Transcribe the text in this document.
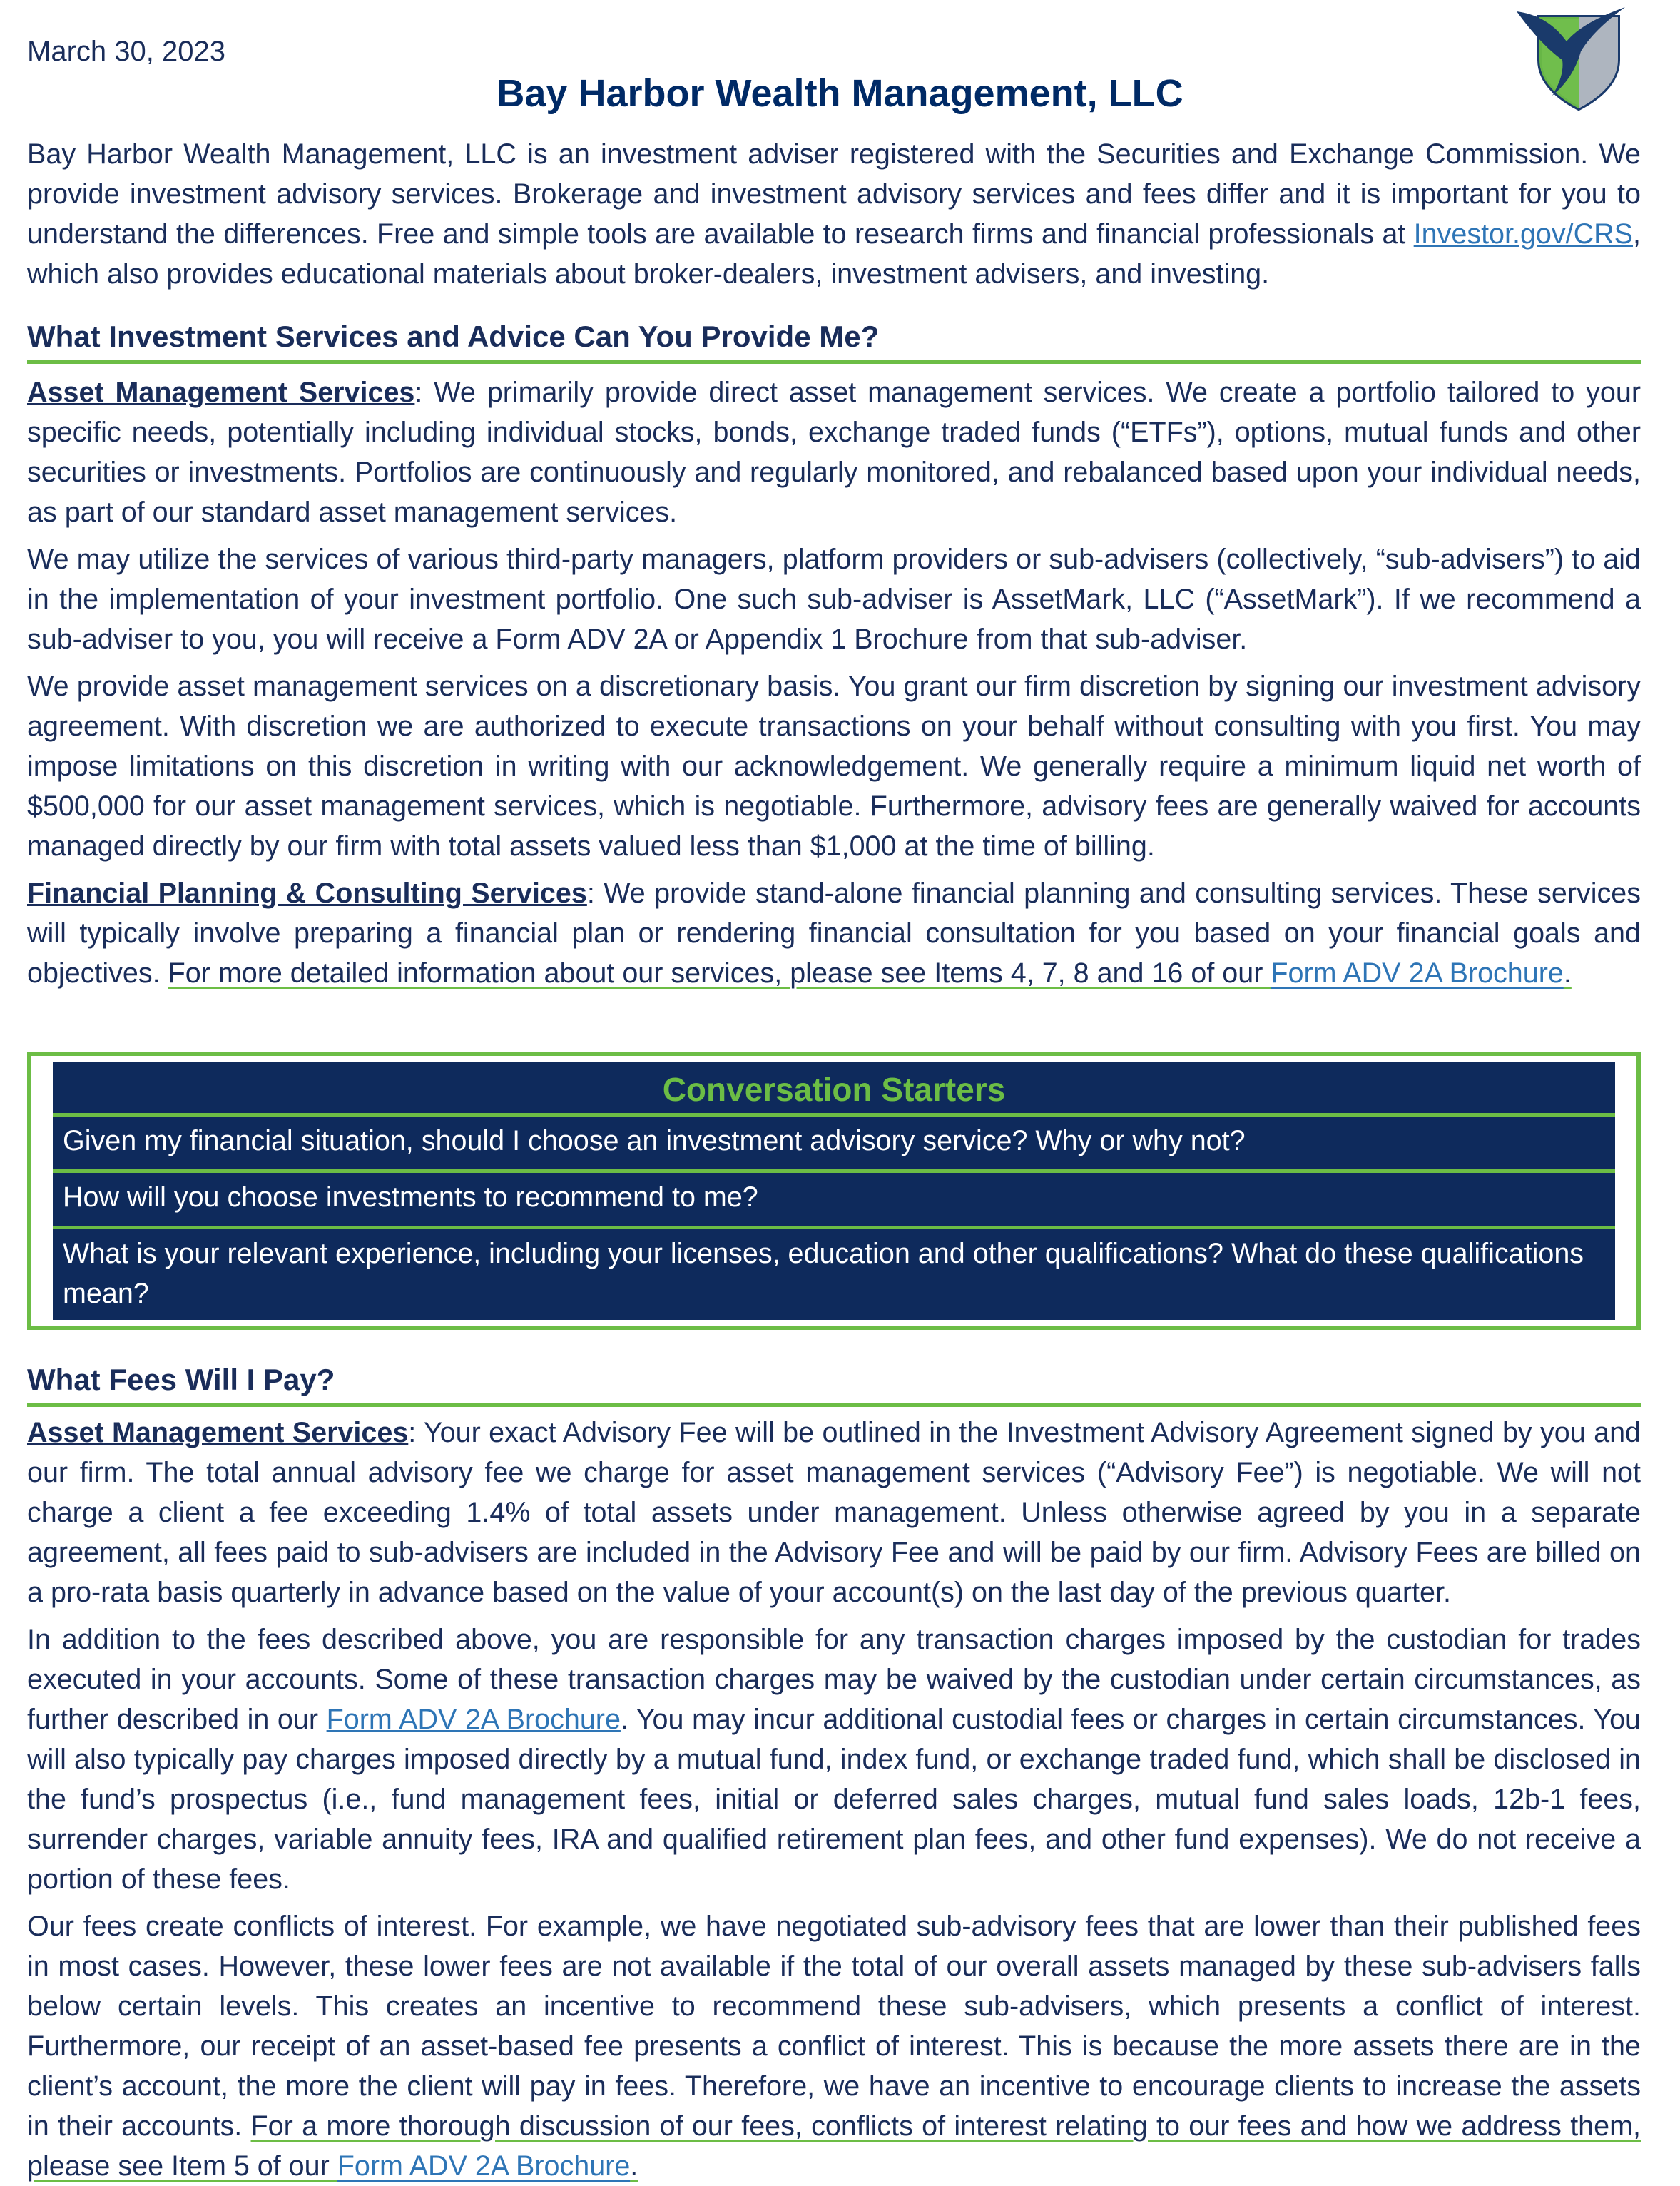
March 30, 2023
Bay Harbor Wealth Management, LLC

Bay Harbor Wealth Management, LLC is an investment adviser registered with the Securities and Exchange Commission. We provide investment advisory services. Brokerage and investment advisory services and fees differ and it is important for you to understand the differences. Free and simple tools are available to research firms and financial professionals at Investor.gov/CRS, which also provides educational materials about broker-dealers, investment advisers, and investing.

What Investment Services and Advice Can You Provide Me?

Asset Management Services: We primarily provide direct asset management services. We create a portfolio tailored to your specific needs, potentially including individual stocks, bonds, exchange traded funds (“ETFs”), options, mutual funds and other securities or investments. Portfolios are continuously and regularly monitored, and rebalanced based upon your individual needs, as part of our standard asset management services.

We may utilize the services of various third-party managers, platform providers or sub-advisers (collectively, “sub-advisers”) to aid in the implementation of your investment portfolio. One such sub-adviser is AssetMark, LLC (“AssetMark”). If we recommend a sub-adviser to you, you will receive a Form ADV 2A or Appendix 1 Brochure from that sub-adviser.

We provide asset management services on a discretionary basis. You grant our firm discretion by signing our investment advisory agreement. With discretion we are authorized to execute transactions on your behalf without consulting with you first. You may impose limitations on this discretion in writing with our acknowledgement. We generally require a minimum liquid net worth of $500,000 for our asset management services, which is negotiable. Furthermore, advisory fees are generally waived for accounts managed directly by our firm with total assets valued less than $1,000 at the time of billing.

Financial Planning & Consulting Services: We provide stand-alone financial planning and consulting services. These services will typically involve preparing a financial plan or rendering financial consultation for you based on your financial goals and objectives. For more detailed information about our services, please see Items 4, 7, 8 and 16 of our Form ADV 2A Brochure.

Conversation Starters
Given my financial situation, should I choose an investment advisory service? Why or why not?
How will you choose investments to recommend to me?
What is your relevant experience, including your licenses, education and other qualifications? What do these qualifications mean?
What Fees Will I Pay?

Asset Management Services: Your exact Advisory Fee will be outlined in the Investment Advisory Agreement signed by you and our firm. The total annual advisory fee we charge for asset management services (“Advisory Fee”) is negotiable. We will not charge a client a fee exceeding 1.4% of total assets under management. Unless otherwise agreed by you in a separate agreement, all fees paid to sub-advisers are included in the Advisory Fee and will be paid by our firm. Advisory Fees are billed on a pro-rata basis quarterly in advance based on the value of your account(s) on the last day of the previous quarter.

In addition to the fees described above, you are responsible for any transaction charges imposed by the custodian for trades executed in your accounts. Some of these transaction charges may be waived by the custodian under certain circumstances, as further described in our Form ADV 2A Brochure. You may incur additional custodial fees or charges in certain circumstances. You will also typically pay charges imposed directly by a mutual fund, index fund, or exchange traded fund, which shall be disclosed in the fund’s prospectus (i.e., fund management fees, initial or deferred sales charges, mutual fund sales loads, 12b-1 fees, surrender charges, variable annuity fees, IRA and qualified retirement plan fees, and other fund expenses). We do not receive a portion of these fees.

Our fees create conflicts of interest. For example, we have negotiated sub-advisory fees that are lower than their published fees in most cases. However, these lower fees are not available if the total of our overall assets managed by these sub-advisers falls below certain levels. This creates an incentive to recommend these sub-advisers, which presents a conflict of interest. Furthermore, our receipt of an asset-based fee presents a conflict of interest. This is because the more assets there are in the client’s account, the more the client will pay in fees. Therefore, we have an incentive to encourage clients to increase the assets in their accounts. For a more thorough discussion of our fees, conflicts of interest relating to our fees and how we address them, please see Item 5 of our Form ADV 2A Brochure.
